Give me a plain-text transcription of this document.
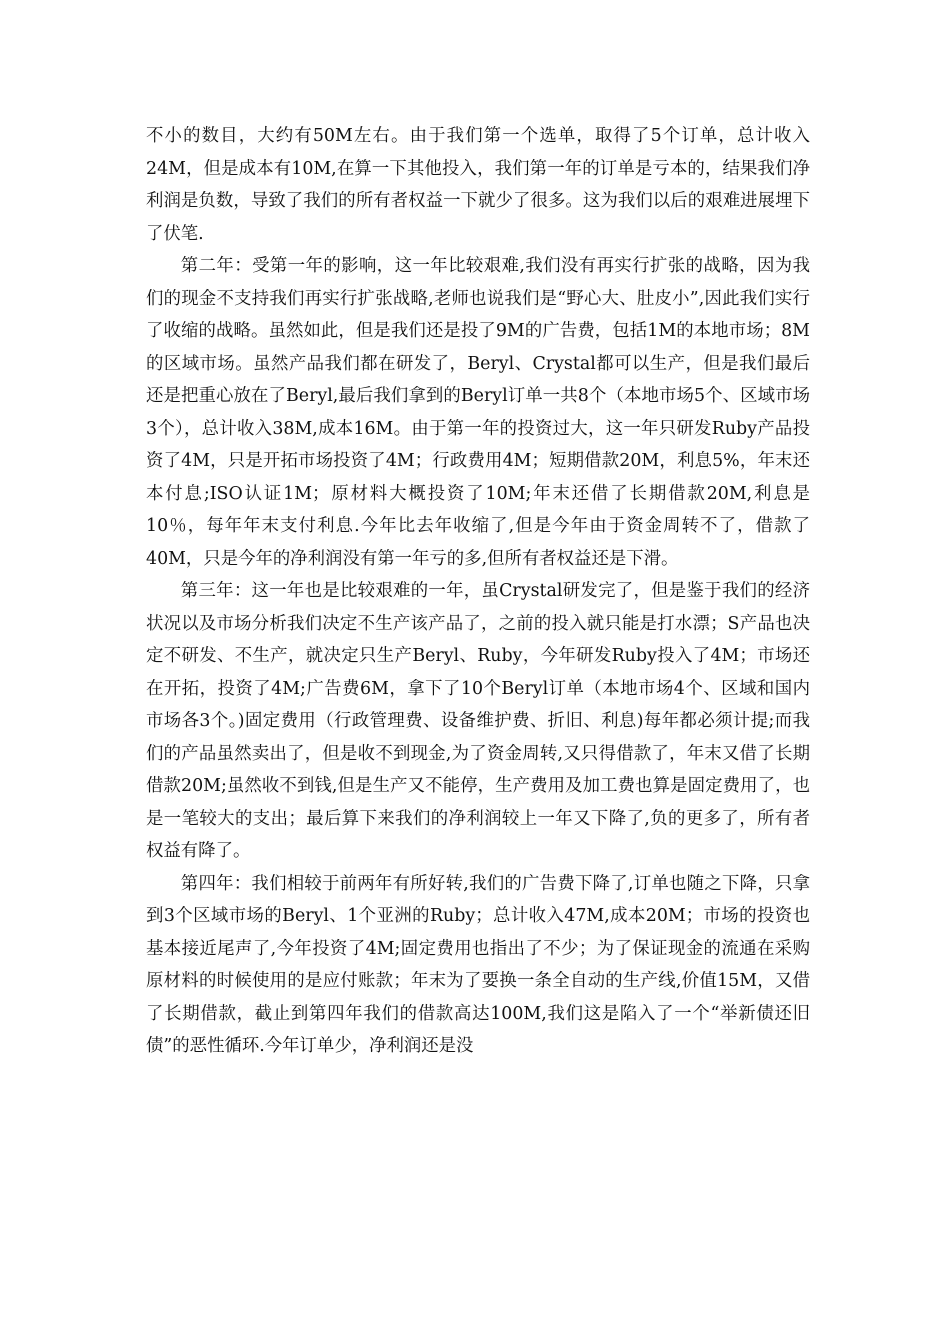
不小的数目，大约有50M左右。由于我们第一个选单，取得了5个订单，总计收入24M，但是成本有10M,在算一下其他投入，我们第一年的订单是亏本的，结果我们净利润是负数，导致了我们的所有者权益一下就少了很多。这为我们以后的艰难进展埋下了伏笔.

第二年：受第一年的影响，这一年比较艰难,我们没有再实行扩张的战略，因为我们的现金不支持我们再实行扩张战略,老师也说我们是“野心大、肚皮小”,因此我们实行了收缩的战略。虽然如此，但是我们还是投了9M的广告费，包括1M的本地市场；8M的区域市场。虽然产品我们都在研发了，Beryl、Crystal都可以生产，但是我们最后还是把重心放在了Beryl,最后我们拿到的Beryl订单一共8个（本地市场5个、区域市场3个），总计收入38M,成本16M。由于第一年的投资过大，这一年只研发Ruby产品投资了4M，只是开拓市场投资了4M；行政费用4M；短期借款20M，利息5%，年末还本付息;ISO认证1M；原材料大概投资了10M;年末还借了长期借款20M,利息是10％，每年年末支付利息.今年比去年收缩了,但是今年由于资金周转不了，借款了40M，只是今年的净利润没有第一年亏的多,但所有者权益还是下滑。

第三年：这一年也是比较艰难的一年，虽Crystal研发完了，但是鉴于我们的经济状况以及市场分析我们决定不生产该产品了，之前的投入就只能是打水漂；S产品也决定不研发、不生产，就决定只生产Beryl、Ruby，今年研发Ruby投入了4M；市场还在开拓，投资了4M;广告费6M，拿下了10个Beryl订单（本地市场4个、区域和国内市场各3个。)固定费用（行政管理费、设备维护费、折旧、利息)每年都必须计提;而我们的产品虽然卖出了，但是收不到现金,为了资金周转,又只得借款了，年末又借了长期借款20M;虽然收不到钱,但是生产又不能停，生产费用及加工费也算是固定费用了，也是一笔较大的支出；最后算下来我们的净利润较上一年又下降了,负的更多了，所有者权益有降了。

第四年：我们相较于前两年有所好转,我们的广告费下降了,订单也随之下降，只拿到3个区域市场的Beryl、1个亚洲的Ruby；总计收入47M,成本20M；市场的投资也基本接近尾声了,今年投资了4M;固定费用也指出了不少；为了保证现金的流通在采购原材料的时候使用的是应付账款；年末为了要换一条全自动的生产线,价值15M，又借了长期借款，截止到第四年我们的借款高达100M,我们这是陷入了一个“举新债还旧债”的恶性循环.今年订单少，净利润还是没
